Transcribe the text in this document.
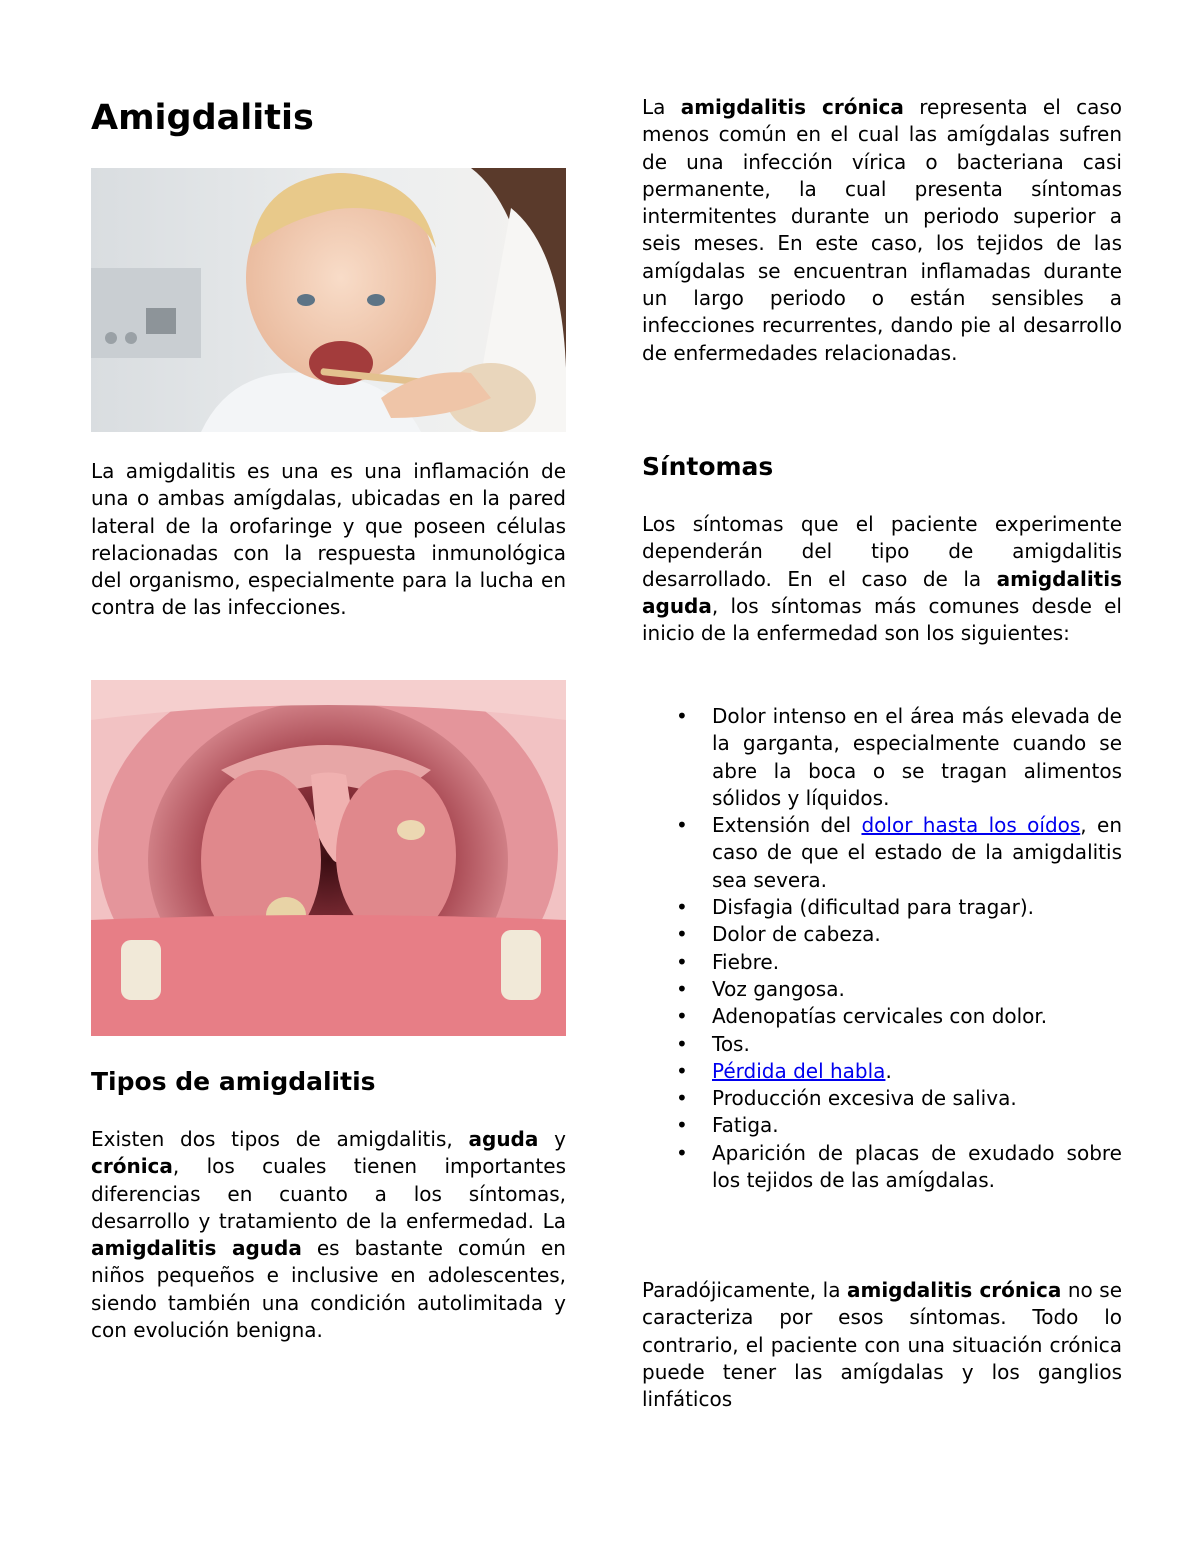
Amigdalitis

La amigdalitis es una es una inflamación de una o ambas amígdalas, ubicadas en la pared lateral de la orofaringe y que poseen células relacionadas con la respuesta inmunológica del organismo, especialmente para la lucha en contra de las infecciones.

Tipos de amigdalitis

Existen dos tipos de amigdalitis, aguda y crónica, los cuales tienen importantes diferencias en cuanto a los síntomas, desarrollo y tratamiento de la enfermedad. La amigdalitis aguda es bastante común en niños pequeños e inclusive en adolescentes, siendo también una condición autolimitada y con evolución benigna.

La amigdalitis crónica representa el caso menos común en el cual las amígdalas sufren de una infección vírica o bacteriana casi permanente, la cual presenta síntomas intermitentes durante un periodo superior a seis meses. En este caso, los tejidos de las amígdalas se encuentran inflamadas durante un largo periodo o están sensibles a infecciones recurrentes, dando pie al desarrollo de enfermedades relacionadas.

Síntomas

Los síntomas que el paciente experimente dependerán del tipo de amigdalitis desarrollado. En el caso de la amigdalitis aguda, los síntomas más comunes desde el inicio de la enfermedad son los siguientes:

• Dolor intenso en el área más elevada de la garganta, especialmente cuando se abre la boca o se tragan alimentos sólidos y líquidos.
• Extensión del dolor hasta los oídos, en caso de que el estado de la amigdalitis sea severa.
• Disfagia (dificultad para tragar).
• Dolor de cabeza.
• Fiebre.
• Voz gangosa.
• Adenopatías cervicales con dolor.
• Tos.
• Pérdida del habla.
• Producción excesiva de saliva.
• Fatiga.
• Aparición de placas de exudado sobre los tejidos de las amígdalas.

Paradójicamente, la amigdalitis crónica no se caracteriza por esos síntomas. Todo lo contrario, el paciente con una situación crónica puede tener las amígdalas y los ganglios linfáticos
